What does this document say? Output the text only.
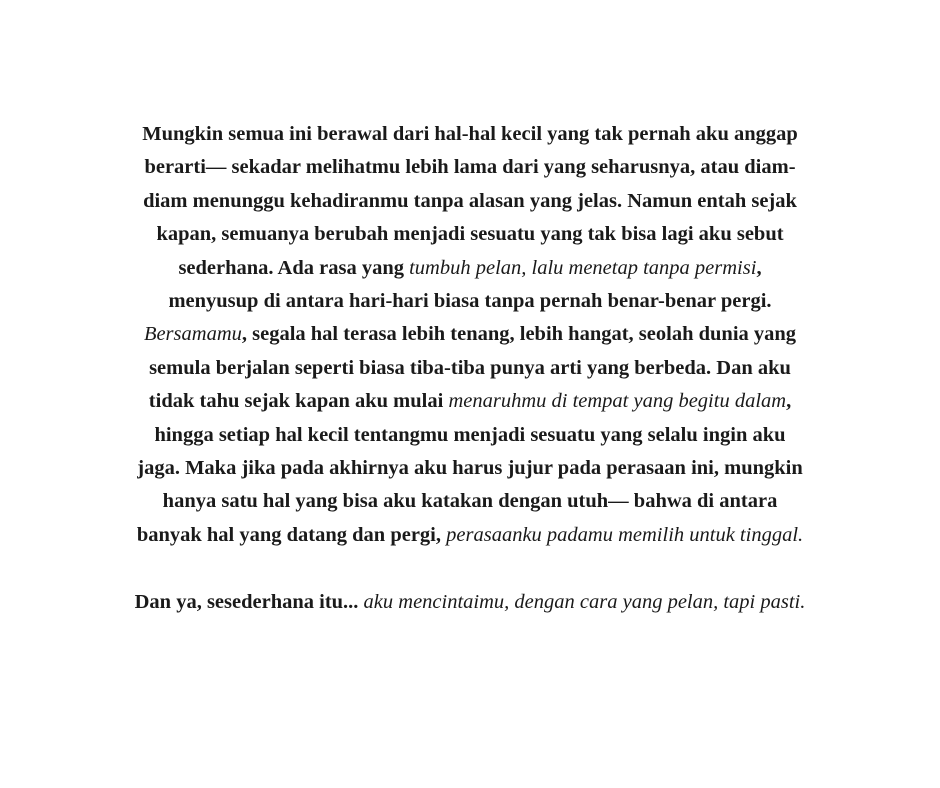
Mungkin semua ini berawal dari hal-hal kecil yang tak pernah aku anggap
berarti— sekadar melihatmu lebih lama dari yang seharusnya, atau diam-
diam menunggu kehadiranmu tanpa alasan yang jelas. Namun entah sejak
kapan, semuanya berubah menjadi sesuatu yang tak bisa lagi aku sebut
sederhana. Ada rasa yang tumbuh pelan, lalu menetap tanpa permisi,
menyusup di antara hari-hari biasa tanpa pernah benar-benar pergi.
Bersamamu, segala hal terasa lebih tenang, lebih hangat, seolah dunia yang
semula berjalan seperti biasa tiba-tiba punya arti yang berbeda. Dan aku
tidak tahu sejak kapan aku mulai menaruhmu di tempat yang begitu dalam,
hingga setiap hal kecil tentangmu menjadi sesuatu yang selalu ingin aku
jaga. Maka jika pada akhirnya aku harus jujur pada perasaan ini, mungkin
hanya satu hal yang bisa aku katakan dengan utuh— bahwa di antara
banyak hal yang datang dan pergi, perasaanku padamu memilih untuk tinggal.
Dan ya, sesederhana itu... aku mencintaimu, dengan cara yang pelan, tapi pasti.
